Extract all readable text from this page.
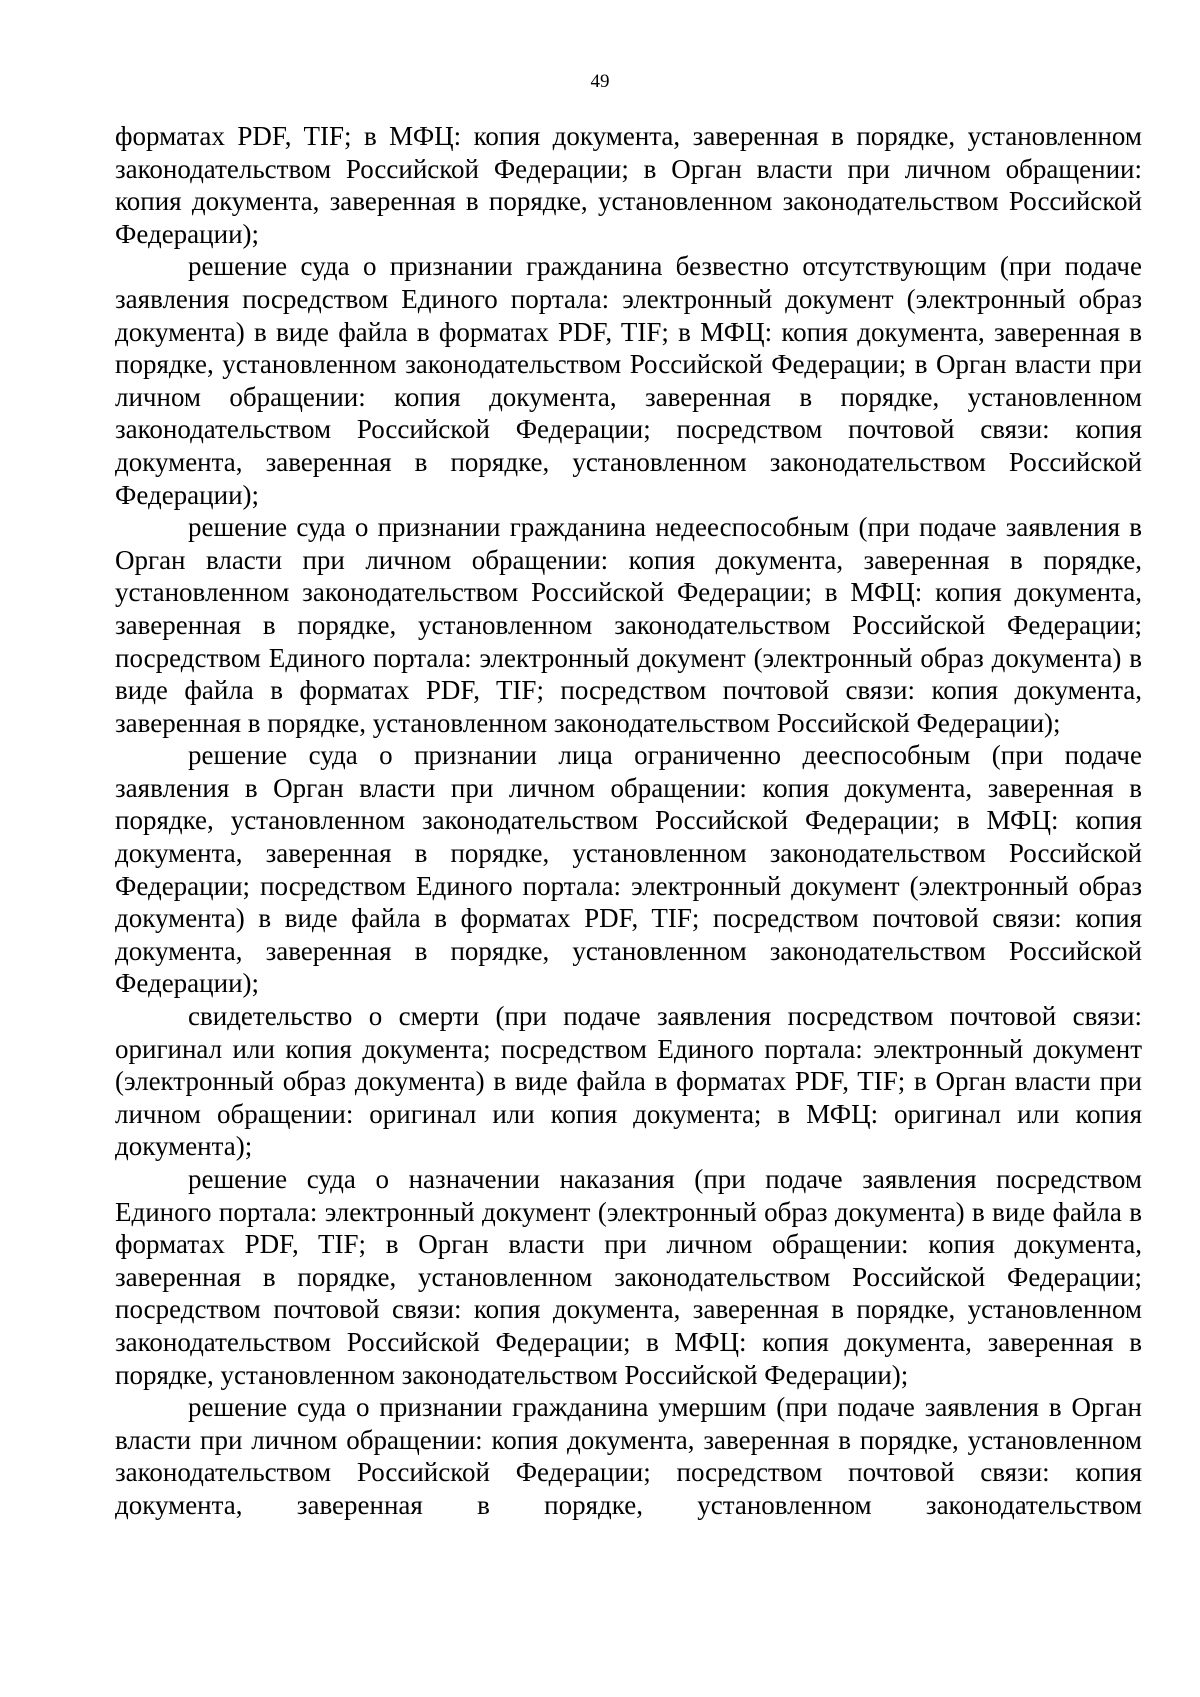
49

форматах PDF, TIF; в МФЦ: копия документа, заверенная в порядке, установленном законодательством Российской Федерации; в Орган власти при личном обращении: копия документа, заверенная в порядке, установленном законодательством Российской Федерации);

решение суда о признании гражданина безвестно отсутствующим (при подаче заявления посредством Единого портала: электронный документ (электронный образ документа) в виде файла в форматах PDF, TIF; в МФЦ: копия документа, заверенная в порядке, установленном законодательством Российской Федерации; в Орган власти при личном обращении: копия документа, заверенная в порядке, установленном законодательством Российской Федерации; посредством почтовой связи: копия документа, заверенная в порядке, установленном законодательством Российской Федерации);

решение суда о признании гражданина недееспособным (при подаче заявления в Орган власти при личном обращении: копия документа, заверенная в порядке, установленном законодательством Российской Федерации; в МФЦ: копия документа, заверенная в порядке, установленном законодательством Российской Федерации; посредством Единого портала: электронный документ (электронный образ документа) в виде файла в форматах PDF, TIF; посредством почтовой связи: копия документа, заверенная в порядке, установленном законодательством Российской Федерации);

решение суда о признании лица ограниченно дееспособным (при подаче заявления в Орган власти при личном обращении: копия документа, заверенная в порядке, установленном законодательством Российской Федерации; в МФЦ: копия документа, заверенная в порядке, установленном законодательством Российской Федерации; посредством Единого портала: электронный документ (электронный образ документа) в виде файла в форматах PDF, TIF; посредством почтовой связи: копия документа, заверенная в порядке, установленном законодательством Российской Федерации);

свидетельство о смерти (при подаче заявления посредством почтовой связи: оригинал или копия документа; посредством Единого портала: электронный документ (электронный образ документа) в виде файла в форматах PDF, TIF; в Орган власти при личном обращении: оригинал или копия документа; в МФЦ: оригинал или копия документа);

решение суда о назначении наказания (при подаче заявления посредством Единого портала: электронный документ (электронный образ документа) в виде файла в форматах PDF, TIF; в Орган власти при личном обращении: копия документа, заверенная в порядке, установленном законодательством Российской Федерации; посредством почтовой связи: копия документа, заверенная в порядке, установленном законодательством Российской Федерации; в МФЦ: копия документа, заверенная в порядке, установленном законодательством Российской Федерации);

решение суда о признании гражданина умершим (при подаче заявления в Орган власти при личном обращении: копия документа, заверенная в порядке, установленном законодательством Российской Федерации; посредством почтовой связи: копия документа, заверенная в порядке, установленном законодательством
